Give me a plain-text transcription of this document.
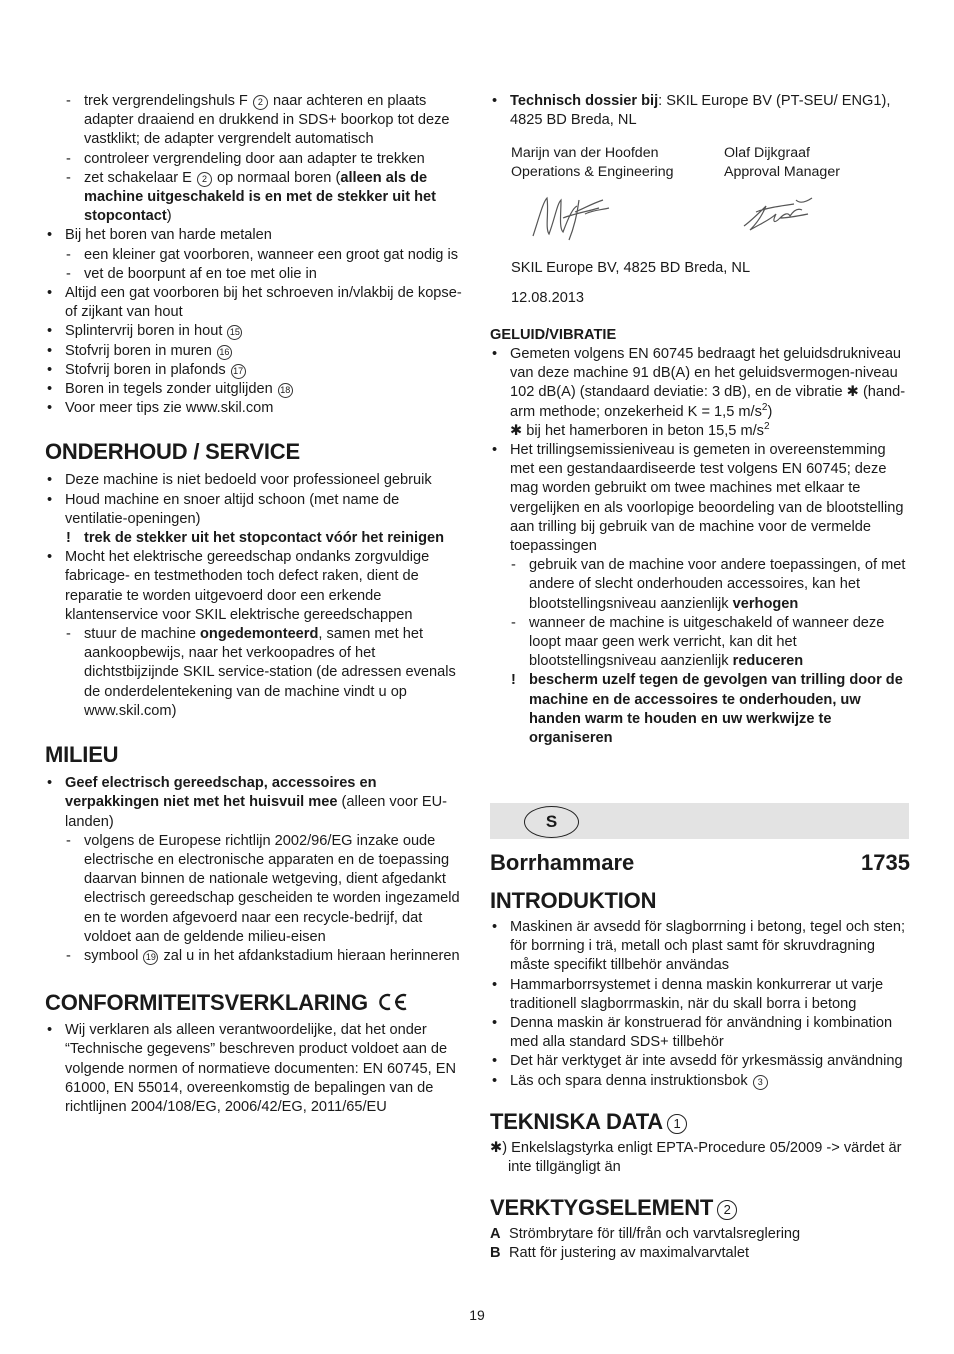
- trek vergrendelingshuls F 2 naar achteren en plaats adapter draaiend en drukkend in SDS+ boorkop tot deze vastklikt; de adapter vergrendelt automatisch
- controleer vergrendeling door aan adapter te trekken
- zet schakelaar E 2 op normaal boren (alleen als de machine uitgeschakeld is en met de stekker uit het stopcontact)
• Bij het boren van harde metalen
- een kleiner gat voorboren, wanneer een groot gat nodig is
- vet de boorpunt af en toe met olie in
• Altijd een gat voorboren bij het schroeven in/vlakbij de kopse- of zijkant van hout
• Splintervrij boren in hout 15
• Stofvrij boren in muren 16
• Stofvrij boren in plafonds 17
• Boren in tegels zonder uitglijden 18
• Voor meer tips zie www.skil.com
ONDERHOUD / SERVICE
• Deze machine is niet bedoeld voor professioneel gebruik
• Houd machine en snoer altijd schoon (met name de ventilatie-openingen)
! trek de stekker uit het stopcontact vóór het reinigen
• Mocht het elektrische gereedschap ondanks zorgvuldige fabricage- en testmethoden toch defect raken, dient de reparatie te worden uitgevoerd door een erkende klantenservice voor SKIL elektrische gereedschappen
- stuur de machine ongedemonteerd, samen met het aankoopbewijs, naar het verkoopadres of het dichtstbijzijnde SKIL service-station (de adressen evenals de onderdelentekening van de machine vindt u op www.skil.com)
MILIEU
• Geef electrisch gereedschap, accessoires en verpakkingen niet met het huisvuil mee (alleen voor EU-landen)
- volgens de Europese richtlijn 2002/96/EG inzake oude electrische en electronische apparaten en de toepassing daarvan binnen de nationale wetgeving, dient afgedankt electrisch gereedschap gescheiden te worden ingezameld en te worden afgevoerd naar een recycle-bedrijf, dat voldoet aan de geldende milieu-eisen
- symbool 19 zal u in het afdankstadium hieraan herinneren
CONFORMITEITSVERKLARING
• Wij verklaren als alleen verantwoordelijke, dat het onder “Technische gegevens” beschreven product voldoet aan de volgende normen of normatieve documenten: EN 60745, EN 61000, EN 55014, overeenkomstig de bepalingen van de richtlijnen 2004/108/EG, 2006/42/EG, 2011/65/EU
• Technisch dossier bij: SKIL Europe BV (PT-SEU/ ENG1), 4825 BD Breda, NL
Marijn van der Hoofden
Operations & Engineering
Olaf Dijkgraaf
Approval Manager
SKIL Europe BV, 4825 BD Breda, NL
12.08.2013
GELUID/VIBRATIE
• Gemeten volgens EN 60745 bedraagt het geluidsdrukniveau van deze machine 91 dB(A) en het geluidsvermogen-niveau 102 dB(A) (standaard deviatie: 3 dB), en de vibratie ✱ (hand-arm methode; onzekerheid K = 1,5 $m/s^2$)
✱ bij het hamerboren in beton 15,5 $m/s^2$
• Het trillingsemissieniveau is gemeten in overeenstemming met een gestandaardiseerde test volgens EN 60745; deze mag worden gebruikt om twee machines met elkaar te vergelijken en als voorlopige beoordeling van de blootstelling aan trilling bij gebruik van de machine voor de vermelde toepassingen
- gebruik van de machine voor andere toepassingen, of met andere of slecht onderhouden accessoires, kan het blootstellingsniveau aanzienlijk verhogen
- wanneer de machine is uitgeschakeld of wanneer deze loopt maar geen werk verricht, kan dit het blootstellingsniveau aanzienlijk reduceren
! bescherm uzelf tegen de gevolgen van trilling door de machine en de accessoires te onderhouden, uw handen warm te houden en uw werkwijze te organiseren
S
Borrhammare	1735
INTRODUKTION
• Maskinen är avsedd för slagborrning i betong, tegel och sten; för borrning i trä, metall och plast samt för skruvdragning måste specifikt tillbehör användas
• Hammarborrsystemet i denna maskin konkurrerar ut varje traditionell slagborrmaskin, när du skall borra i betong
• Denna maskin är konstruerad för användning i kombination med alla standard SDS+ tillbehör
• Det här verktyget är inte avsedd för yrkesmässig användning
• Läs och spara denna instruktionsbok 3
TEKNISKA DATA 1
✱) Enkelslagstyrka enligt EPTA-Procedure 05/2009 -> värdet är inte tillgängligt än
VERKTYGSELEMENT 2
A Strömbrytare för till/från och varvtalsreglering
B Ratt för justering av maximalvarvtalet
19
